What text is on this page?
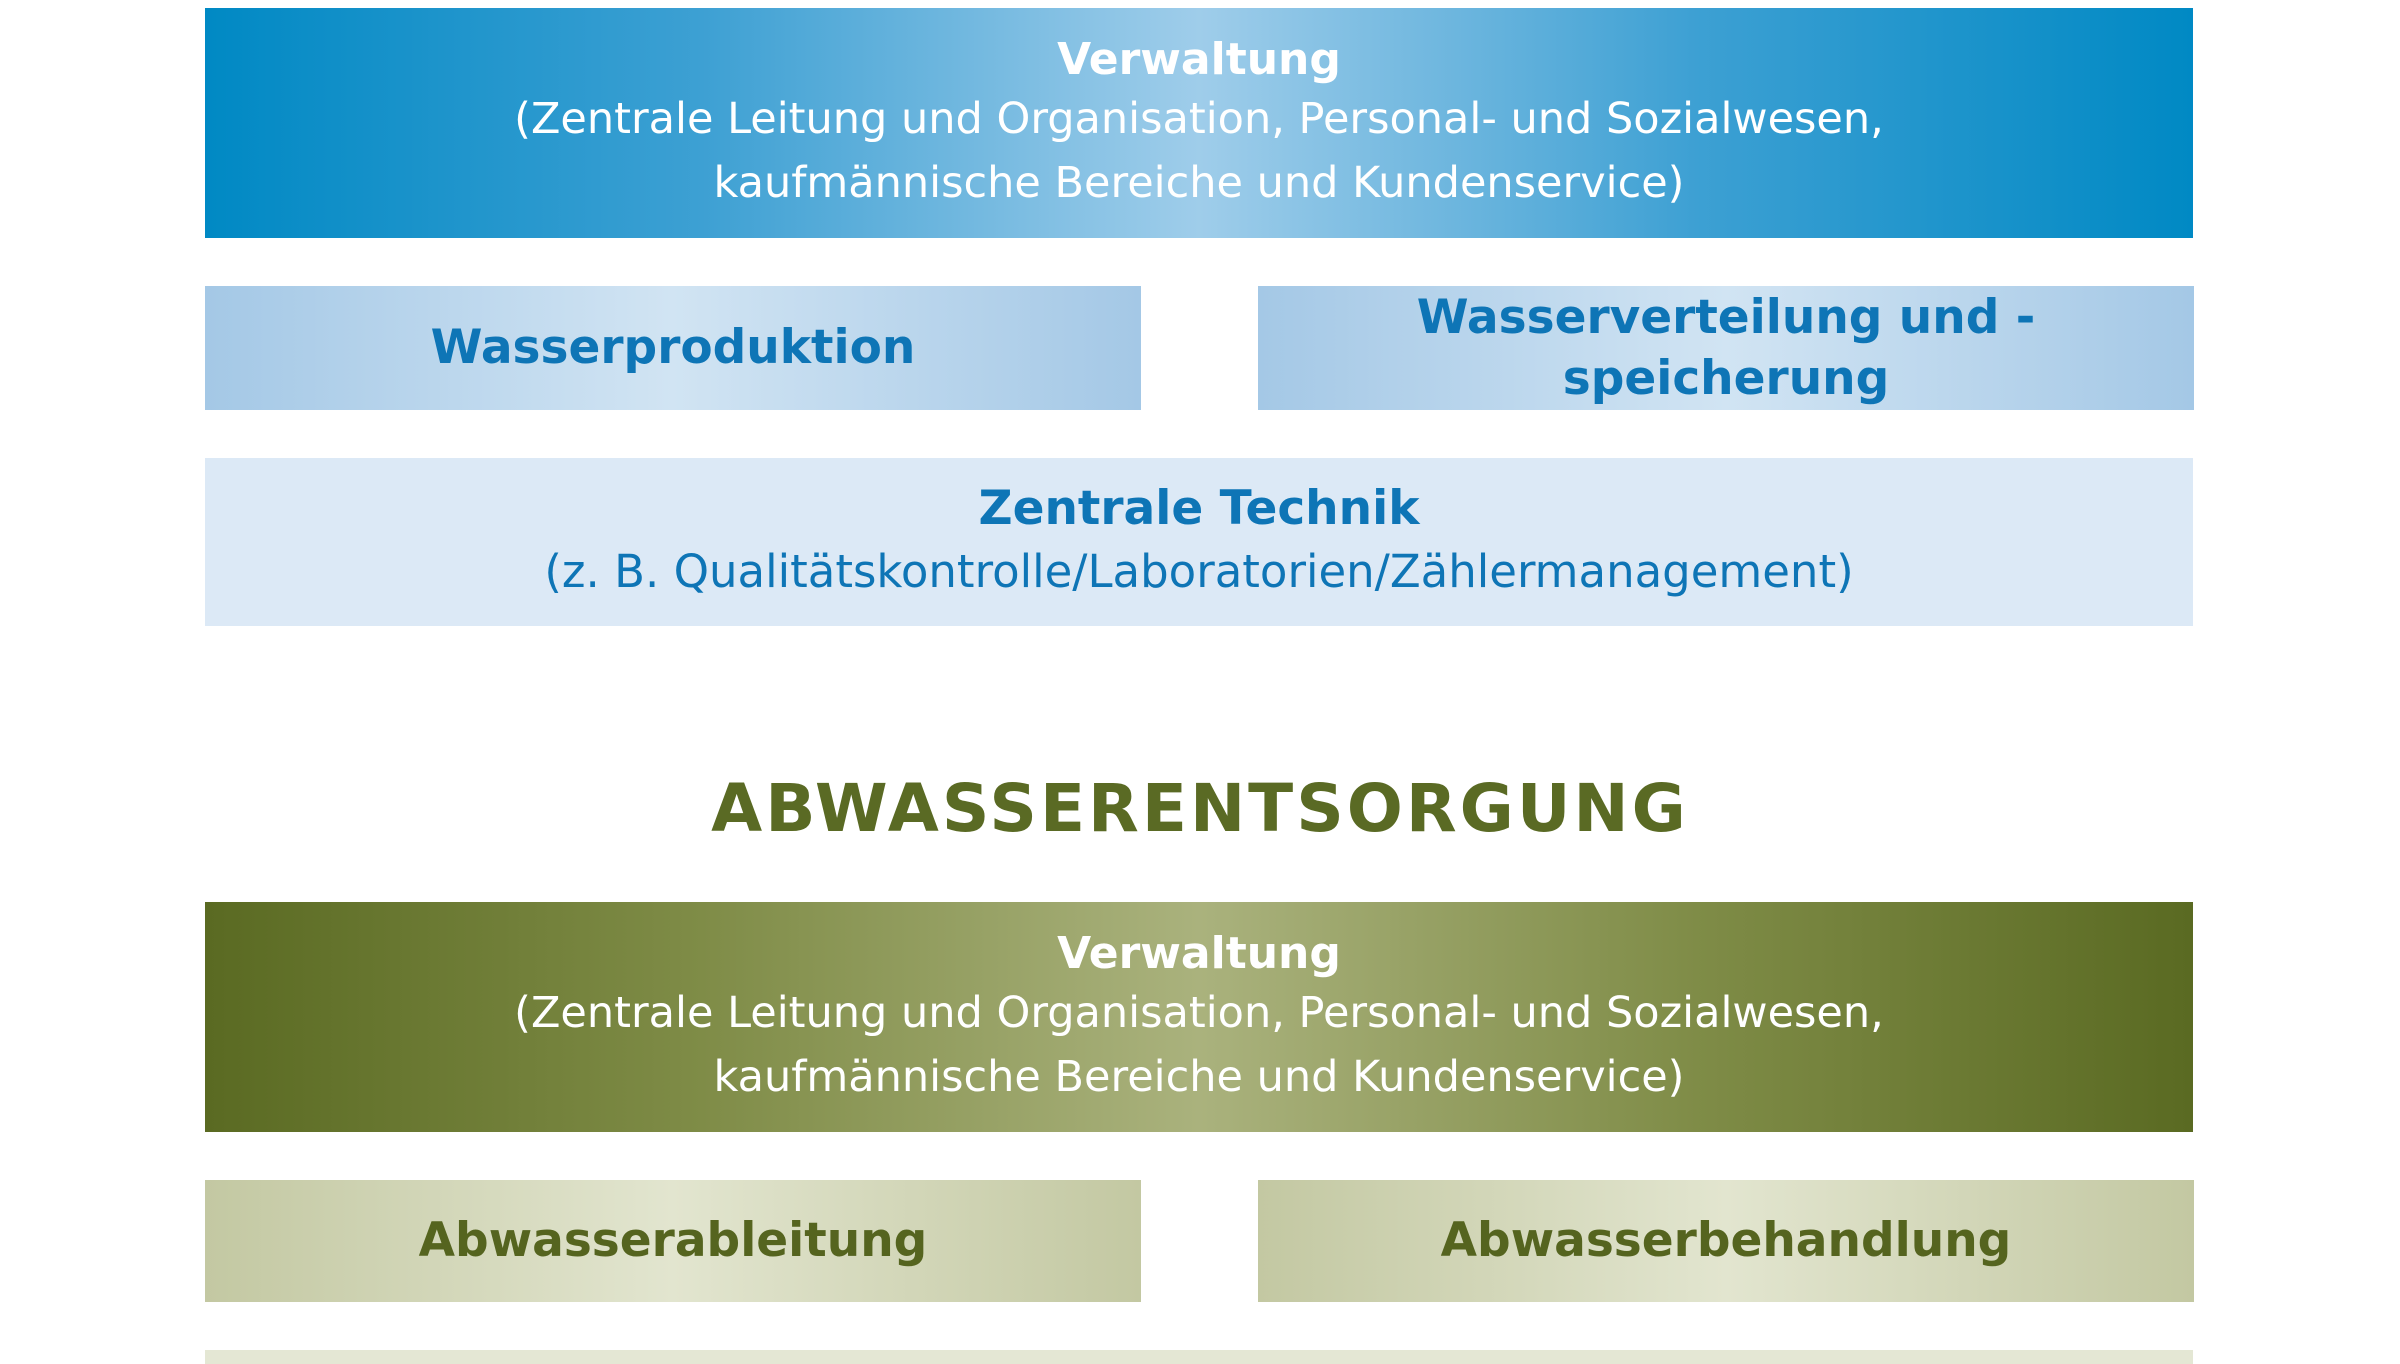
Verwaltung
(Zentrale Leitung und Organisation, Personal- und Sozialwesen,
kaufmännische Bereiche und Kundenservice)
Wasserproduktion
Wasserverteilung und -speicherung
Zentrale Technik
(z. B. Qualitätskontrolle/Laboratorien/Zählermanagement)
ABWASSERENTSORGUNG
Verwaltung
(Zentrale Leitung und Organisation, Personal- und Sozialwesen,
kaufmännische Bereiche und Kundenservice)
Abwasserableitung	Abwasserbehandlung
